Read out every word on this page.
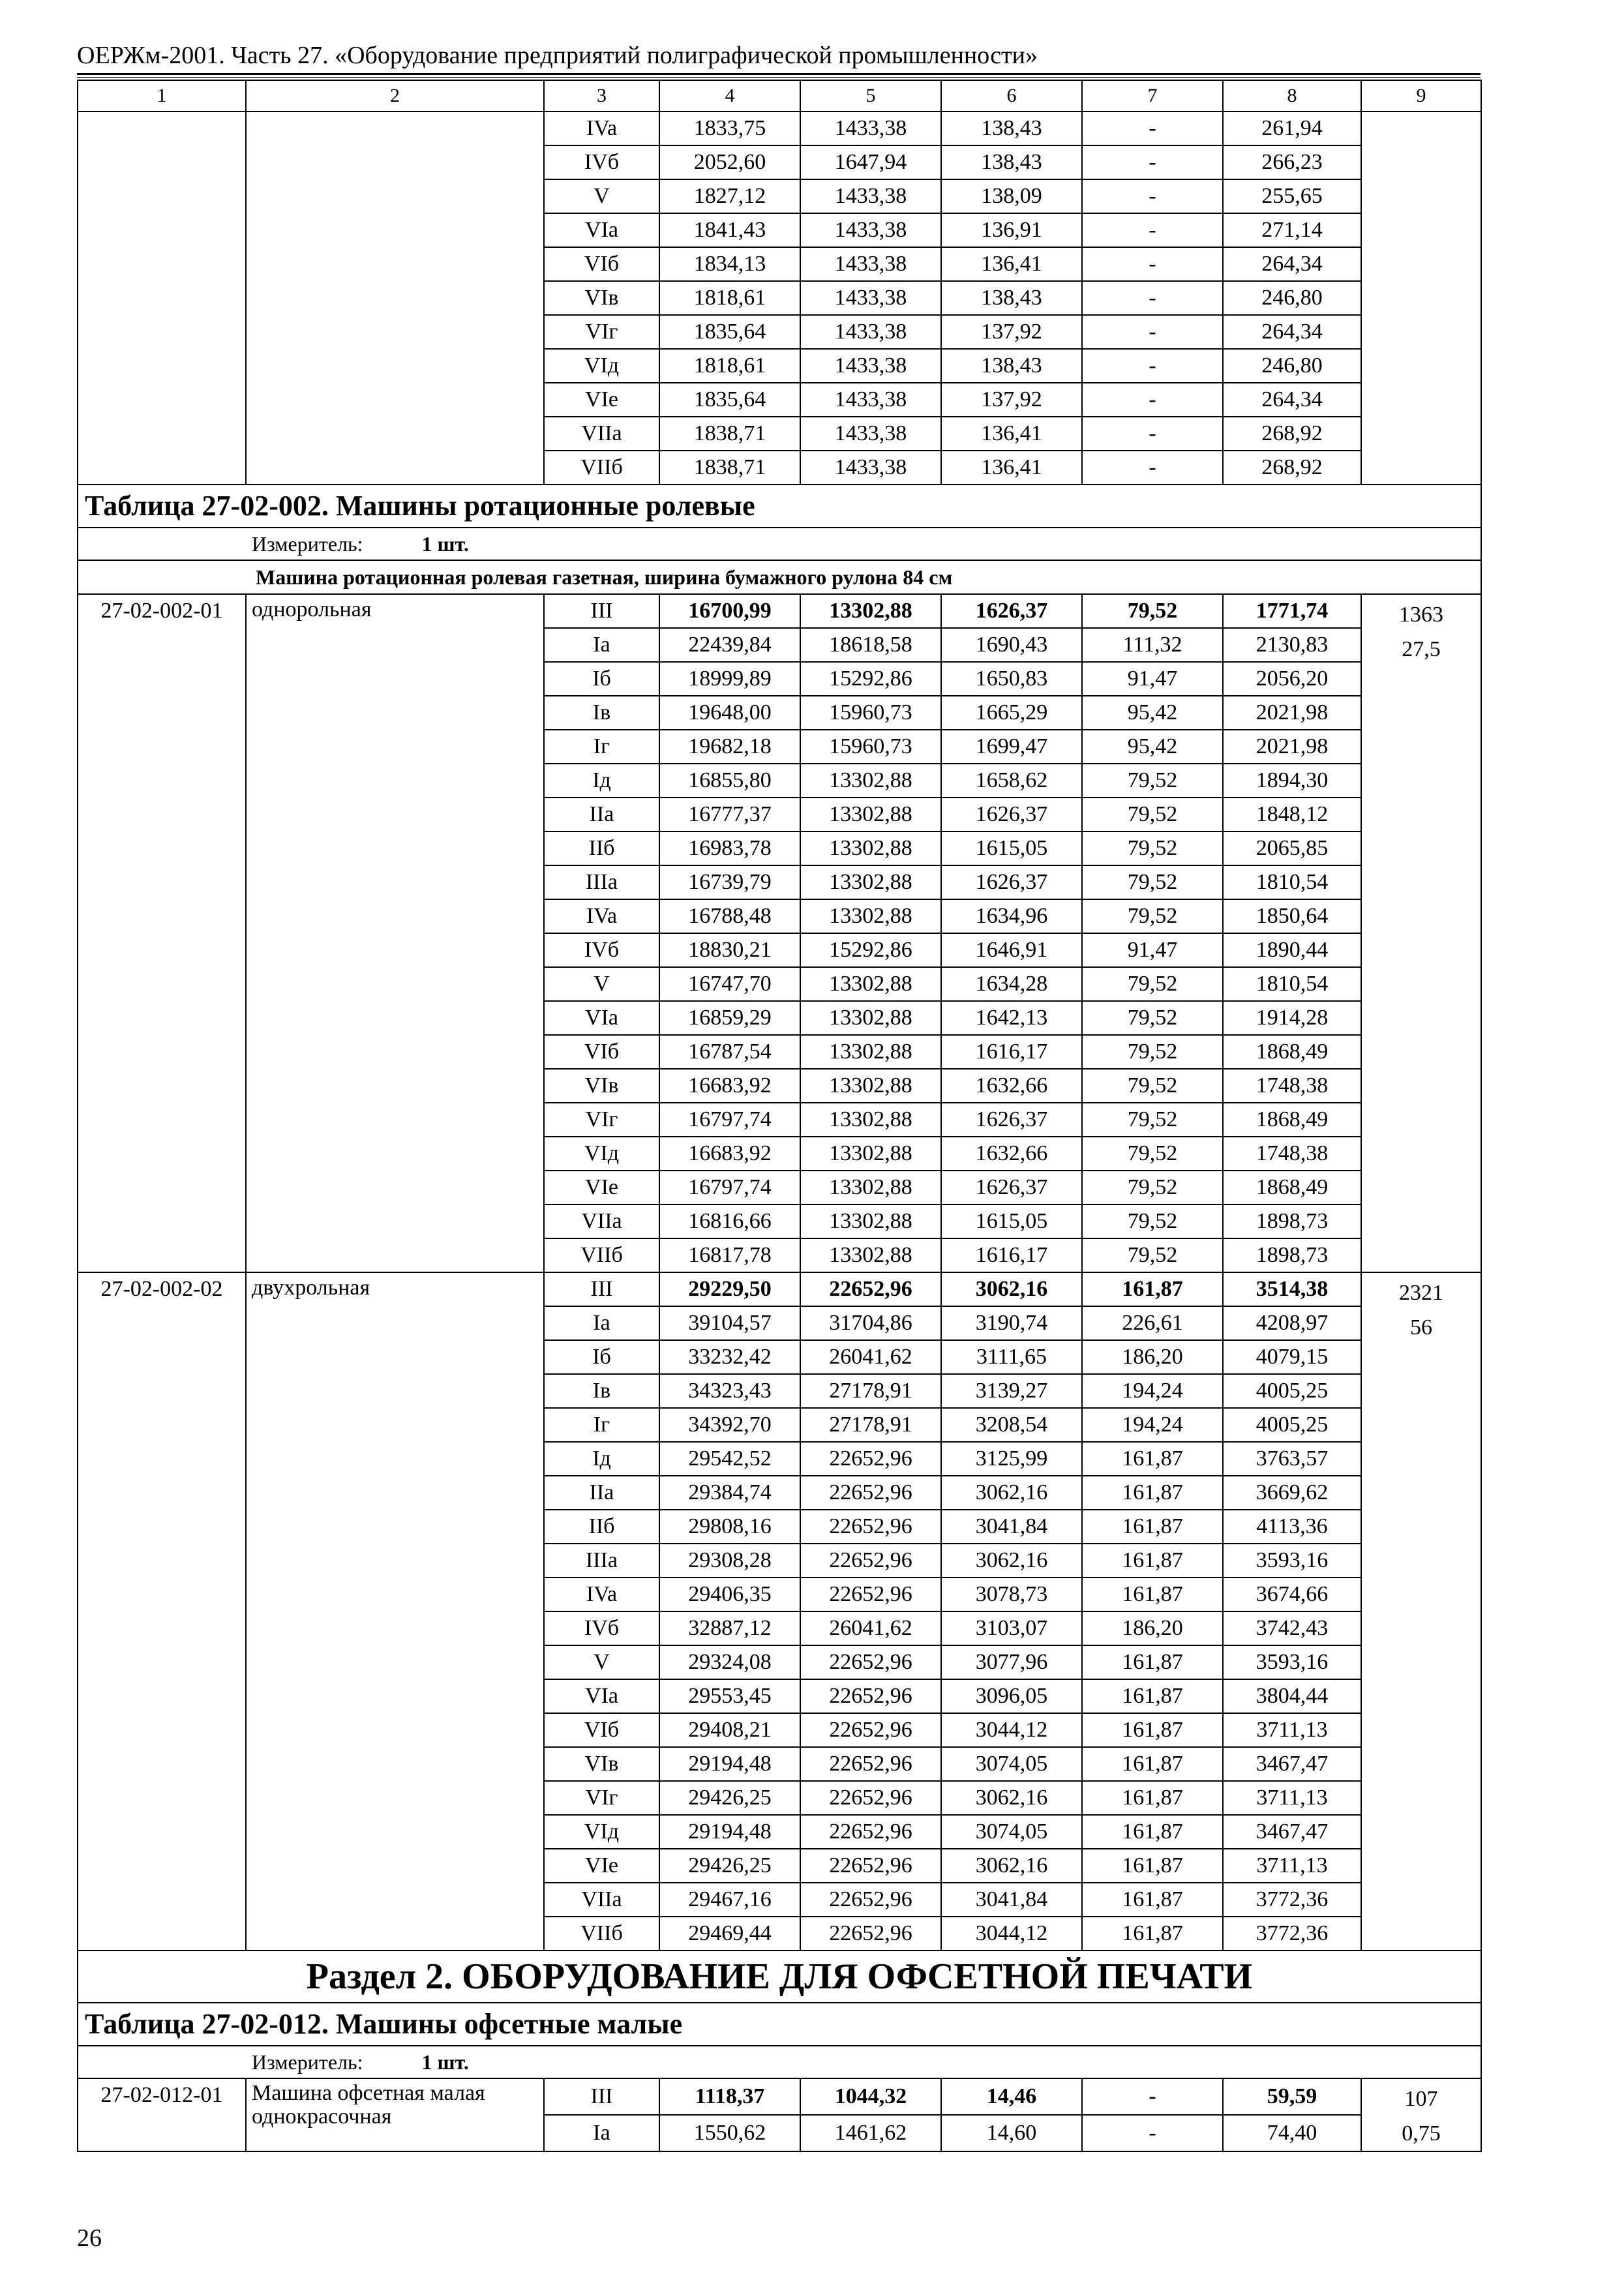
ОЕРЖм-2001. Часть 27. «Оборудование предприятий полиграфической промышленности»
1	2	3	4	5	6	7	8	9
		IVa	1833,75	1433,38	138,43	-	261,94	
		IVб	2052,60	1647,94	138,43	-	266,23	
		V	1827,12	1433,38	138,09	-	255,65	
		VIa	1841,43	1433,38	136,91	-	271,14	
		VIб	1834,13	1433,38	136,41	-	264,34	
		VIв	1818,61	1433,38	138,43	-	246,80	
		VIг	1835,64	1433,38	137,92	-	264,34	
		VIд	1818,61	1433,38	138,43	-	246,80	
		VIe	1835,64	1433,38	137,92	-	264,34	
		VIIa	1838,71	1433,38	136,41	-	268,92	
		VIIб	1838,71	1433,38	136,41	-	268,92	
Таблица 27-02-002. Машины ротационные ролевые								
Измеритель: 1 шт.								
Машина ротационная ролевая газетная, ширина бумажного рулона 84 см								
27-02-002-01	однорольная	III	16700,99	13302,88	1626,37	79,52	1771,74	1363
27,5

		Ia	22439,84	18618,58	1690,43	111,32	2130,83	
		Iб	18999,89	15292,86	1650,83	91,47	2056,20	
		Iв	19648,00	15960,73	1665,29	95,42	2021,98	
		Iг	19682,18	15960,73	1699,47	95,42	2021,98	
		Iд	16855,80	13302,88	1658,62	79,52	1894,30	
		IIa	16777,37	13302,88	1626,37	79,52	1848,12	
		IIб	16983,78	13302,88	1615,05	79,52	2065,85	
		IIIa	16739,79	13302,88	1626,37	79,52	1810,54	
		IVa	16788,48	13302,88	1634,96	79,52	1850,64	
		IVб	18830,21	15292,86	1646,91	91,47	1890,44	
		V	16747,70	13302,88	1634,28	79,52	1810,54	
		VIa	16859,29	13302,88	1642,13	79,52	1914,28	
		VIб	16787,54	13302,88	1616,17	79,52	1868,49	
		VIв	16683,92	13302,88	1632,66	79,52	1748,38	
		VIг	16797,74	13302,88	1626,37	79,52	1868,49	
		VIд	16683,92	13302,88	1632,66	79,52	1748,38	
		VIe	16797,74	13302,88	1626,37	79,52	1868,49	
		VIIa	16816,66	13302,88	1615,05	79,52	1898,73	
		VIIб	16817,78	13302,88	1616,17	79,52	1898,73	
27-02-002-02	двухрольная	III	29229,50	22652,96	3062,16	161,87	3514,38	2321
56

		Ia	39104,57	31704,86	3190,74	226,61	4208,97	
		Iб	33232,42	26041,62	3111,65	186,20	4079,15	
		Iв	34323,43	27178,91	3139,27	194,24	4005,25	
		Iг	34392,70	27178,91	3208,54	194,24	4005,25	
		Iд	29542,52	22652,96	3125,99	161,87	3763,57	
		IIa	29384,74	22652,96	3062,16	161,87	3669,62	
		IIб	29808,16	22652,96	3041,84	161,87	4113,36	
		IIIa	29308,28	22652,96	3062,16	161,87	3593,16	
		IVa	29406,35	22652,96	3078,73	161,87	3674,66	
		IVб	32887,12	26041,62	3103,07	186,20	3742,43	
		V	29324,08	22652,96	3077,96	161,87	3593,16	
		VIa	29553,45	22652,96	3096,05	161,87	3804,44	
		VIб	29408,21	22652,96	3044,12	161,87	3711,13	
		VIв	29194,48	22652,96	3074,05	161,87	3467,47	
		VIг	29426,25	22652,96	3062,16	161,87	3711,13	
		VIд	29194,48	22652,96	3074,05	161,87	3467,47	
		VIe	29426,25	22652,96	3062,16	161,87	3711,13	
		VIIa	29467,16	22652,96	3041,84	161,87	3772,36	
		VIIб	29469,44	22652,96	3044,12	161,87	3772,36	
Раздел 2. ОБОРУДОВАНИЕ ДЛЯ ОФСЕТНОЙ ПЕЧАТИ								
Таблица 27-02-012. Машины офсетные малые								
Измеритель: 1 шт.								
27-02-012-01	Машина офсетная малая однокрасочная	III	1118,37	1044,32	14,46	-	59,59	107
0,75

		Ia	1550,62	1461,62	14,60	-	74,40	
26
